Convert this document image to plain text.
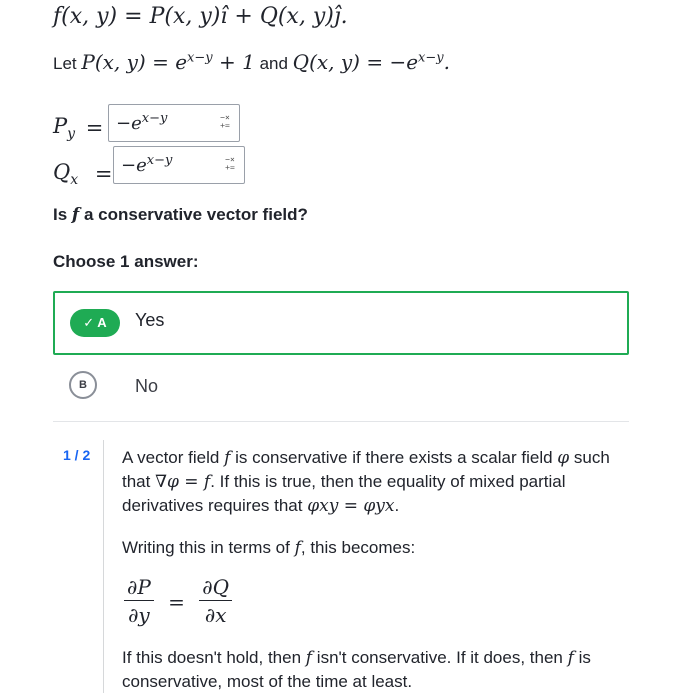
f(x, y) = P(x, y)î + Q(x, y)ĵ.
Let P(x, $y) = e^{x-y} + 1$ and Q(x, $y) = -e^{x-y}$.
$P_y = -e^{x-y}$	−×
+=
$Q_x = -e^{x-y}$	−×
+=
Is f a conservative vector field?
Choose 1 answer:
✓ A	Yes
B	No
1 / 2 A vector field f is conservative if there exists a scalar field φ such that ∇φ = f. If this is true, then the equality of mixed partial derivatives requires that φxy = φyx.
Writing this in terms of f, this becomes:
$\frac{\partial P}{\partial y} = \frac{\partial Q}{\partial x}$
If this doesn't hold, then f isn't conservative. If it does, then f is conservative, most of the time at least.
